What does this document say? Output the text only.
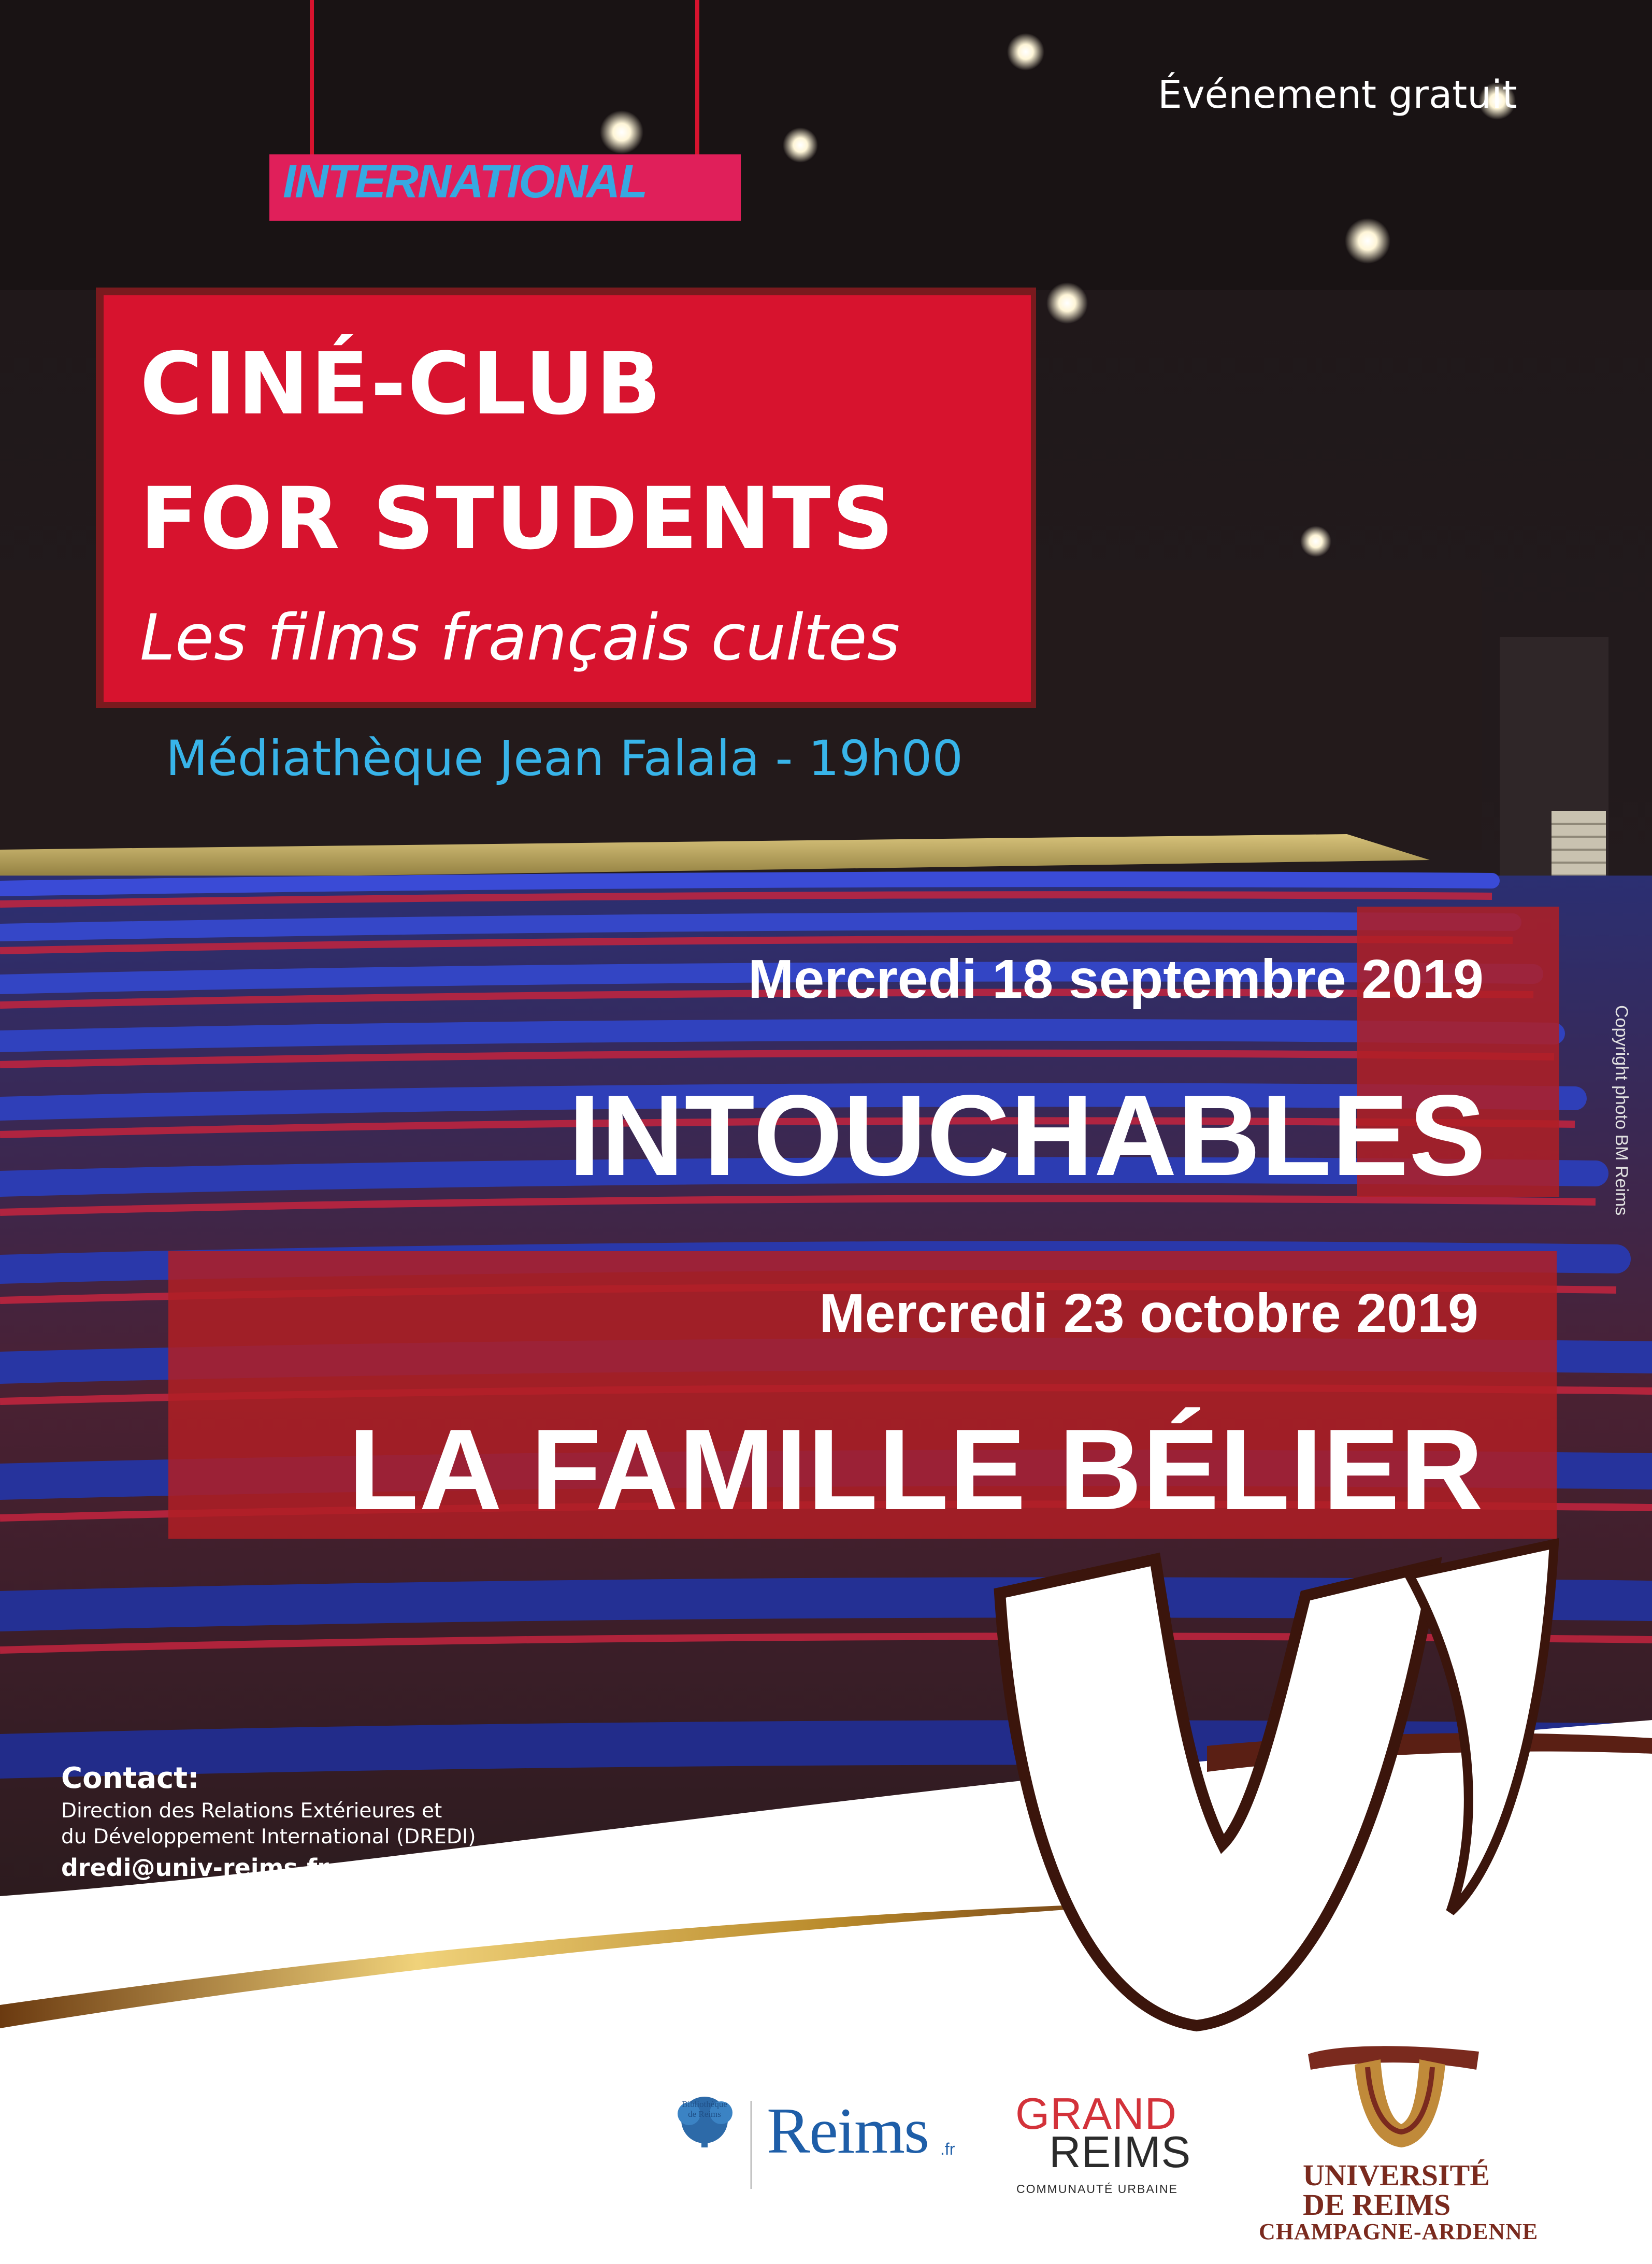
Événement gratuit
INTERNATIONAL
CINÉ-CLUB
FOR STUDENTS
Les films français cultes
Médiathèque Jean Falala - 19h00
Mercredi 18 septembre 2019
INTOUCHABLES
Mercredi 23 octobre 2019
LA FAMILLE BÉLIER
Copyright photo BM Reims
Contact:
Direction des Relations Extérieures et
du Développement International (DREDI)
dredi@univ-reims.fr
Bibliothèque
de Reims Reims .fr
GRAND
REIMS
COMMUNAUTÉ URBAINE	UNIVERSITÉ
DE REIMS
CHAMPAGNE-ARDENNE
